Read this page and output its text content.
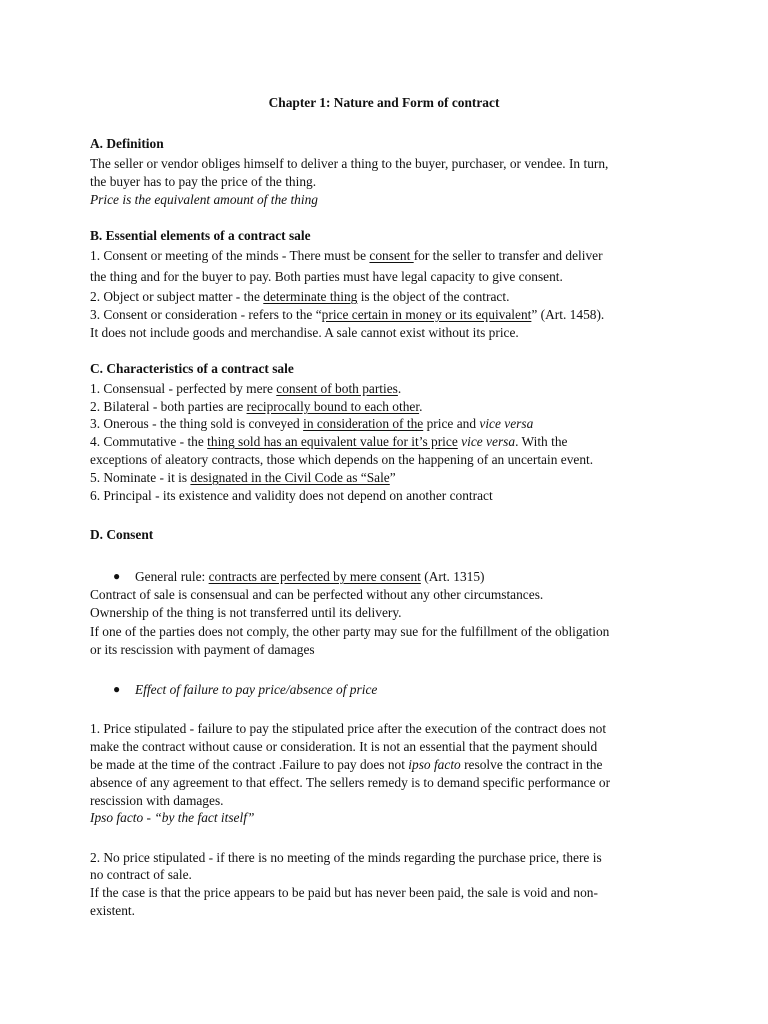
Chapter 1: Nature and Form of contract
A. Definition
The seller or vendor obliges himself to deliver a thing to the buyer, purchaser, or vendee. In turn,
the buyer has to pay the price of the thing.
Price is the equivalent amount of the thing
B. Essential elements of a contract sale
1. Consent or meeting of the minds - There must be consent for the seller to transfer and deliver
the thing and for the buyer to pay. Both parties must have legal capacity to give consent.
2. Object or subject matter - the determinate thing is the object of the contract.
3. Consent or consideration - refers to the “price certain in money or its equivalent” (Art. 1458).
It does not include goods and merchandise. A sale cannot exist without its price.
C. Characteristics of a contract sale
1. Consensual - perfected by mere consent of both parties.
2. Bilateral - both parties are reciprocally bound to each other.
3. Onerous - the thing sold is conveyed in consideration of the price and vice versa
4. Commutative - the thing sold has an equivalent value for it’s price vice versa. With the
exceptions of aleatory contracts, those which depends on the happening of an uncertain event.
5. Nominate - it is designated in the Civil Code as “Sale”
6. Principal - its existence and validity does not depend on another contract
D. Consent
● General rule: contracts are perfected by mere consent (Art. 1315)
Contract of sale is consensual and can be perfected without any other circumstances.
Ownership of the thing is not transferred until its delivery.
If one of the parties does not comply, the other party may sue for the fulfillment of the obligation
or its rescission with payment of damages
● Effect of failure to pay price/absence of price
1. Price stipulated - failure to pay the stipulated price after the execution of the contract does not
make the contract without cause or consideration. It is not an essential that the payment should
be made at the time of the contract .Failure to pay does not ipso facto resolve the contract in the
absence of any agreement to that effect. The sellers remedy is to demand specific performance or
rescission with damages.
Ipso facto - “by the fact itself”
2. No price stipulated - if there is no meeting of the minds regarding the purchase price, there is
no contract of sale.
If the case is that the price appears to be paid but has never been paid, the sale is void and non-
existent.
